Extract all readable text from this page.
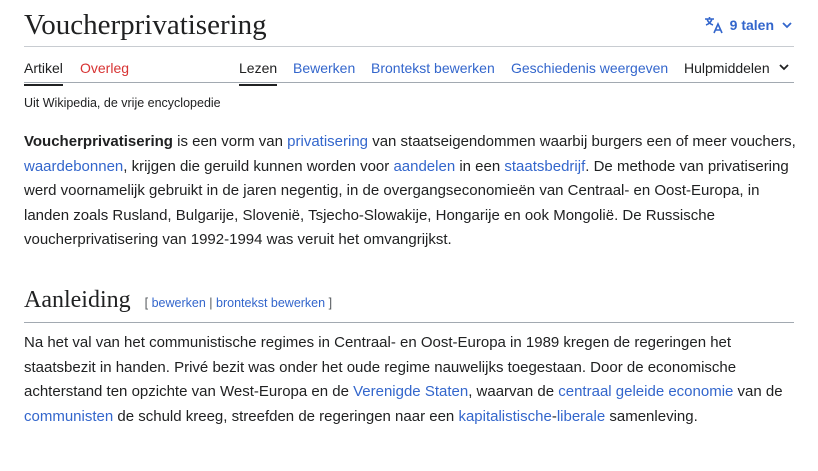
Voucherprivatisering	9 talen
Artikel Overleg	Lezen Bewerken Brontekst bewerken Geschiedenis weergeven Hulpmiddelen
Uit Wikipedia, de vrije encyclopedie

Voucherprivatisering is een vorm van privatisering van staatseigendommen waarbij burgers een of meer vouchers, waardebonnen, krijgen die geruild kunnen worden voor aandelen in een staatsbedrijf. De methode van privatisering werd voornamelijk gebruikt in de jaren negentig, in de overgangseconomieën van Centraal- en Oost-Europa, in landen zoals Rusland, Bulgarije, Slovenië, Tsjecho-Slowakije, Hongarije en ook Mongolië. De Russische voucherprivatisering van 1992-1994 was veruit het omvangrijkst.

Aanleiding [ bewerken | brontekst bewerken ]

Na het val van het communistische regimes in Centraal- en Oost-Europa in 1989 kregen de regeringen het staatsbezit in handen. Privé bezit was onder het oude regime nauwelijks toegestaan. Door de economische achterstand ten opzichte van West-Europa en de Verenigde Staten, waarvan de centraal geleide economie van de communisten de schuld kreeg, streefden de regeringen naar een kapitalistische-liberale samenleving.
